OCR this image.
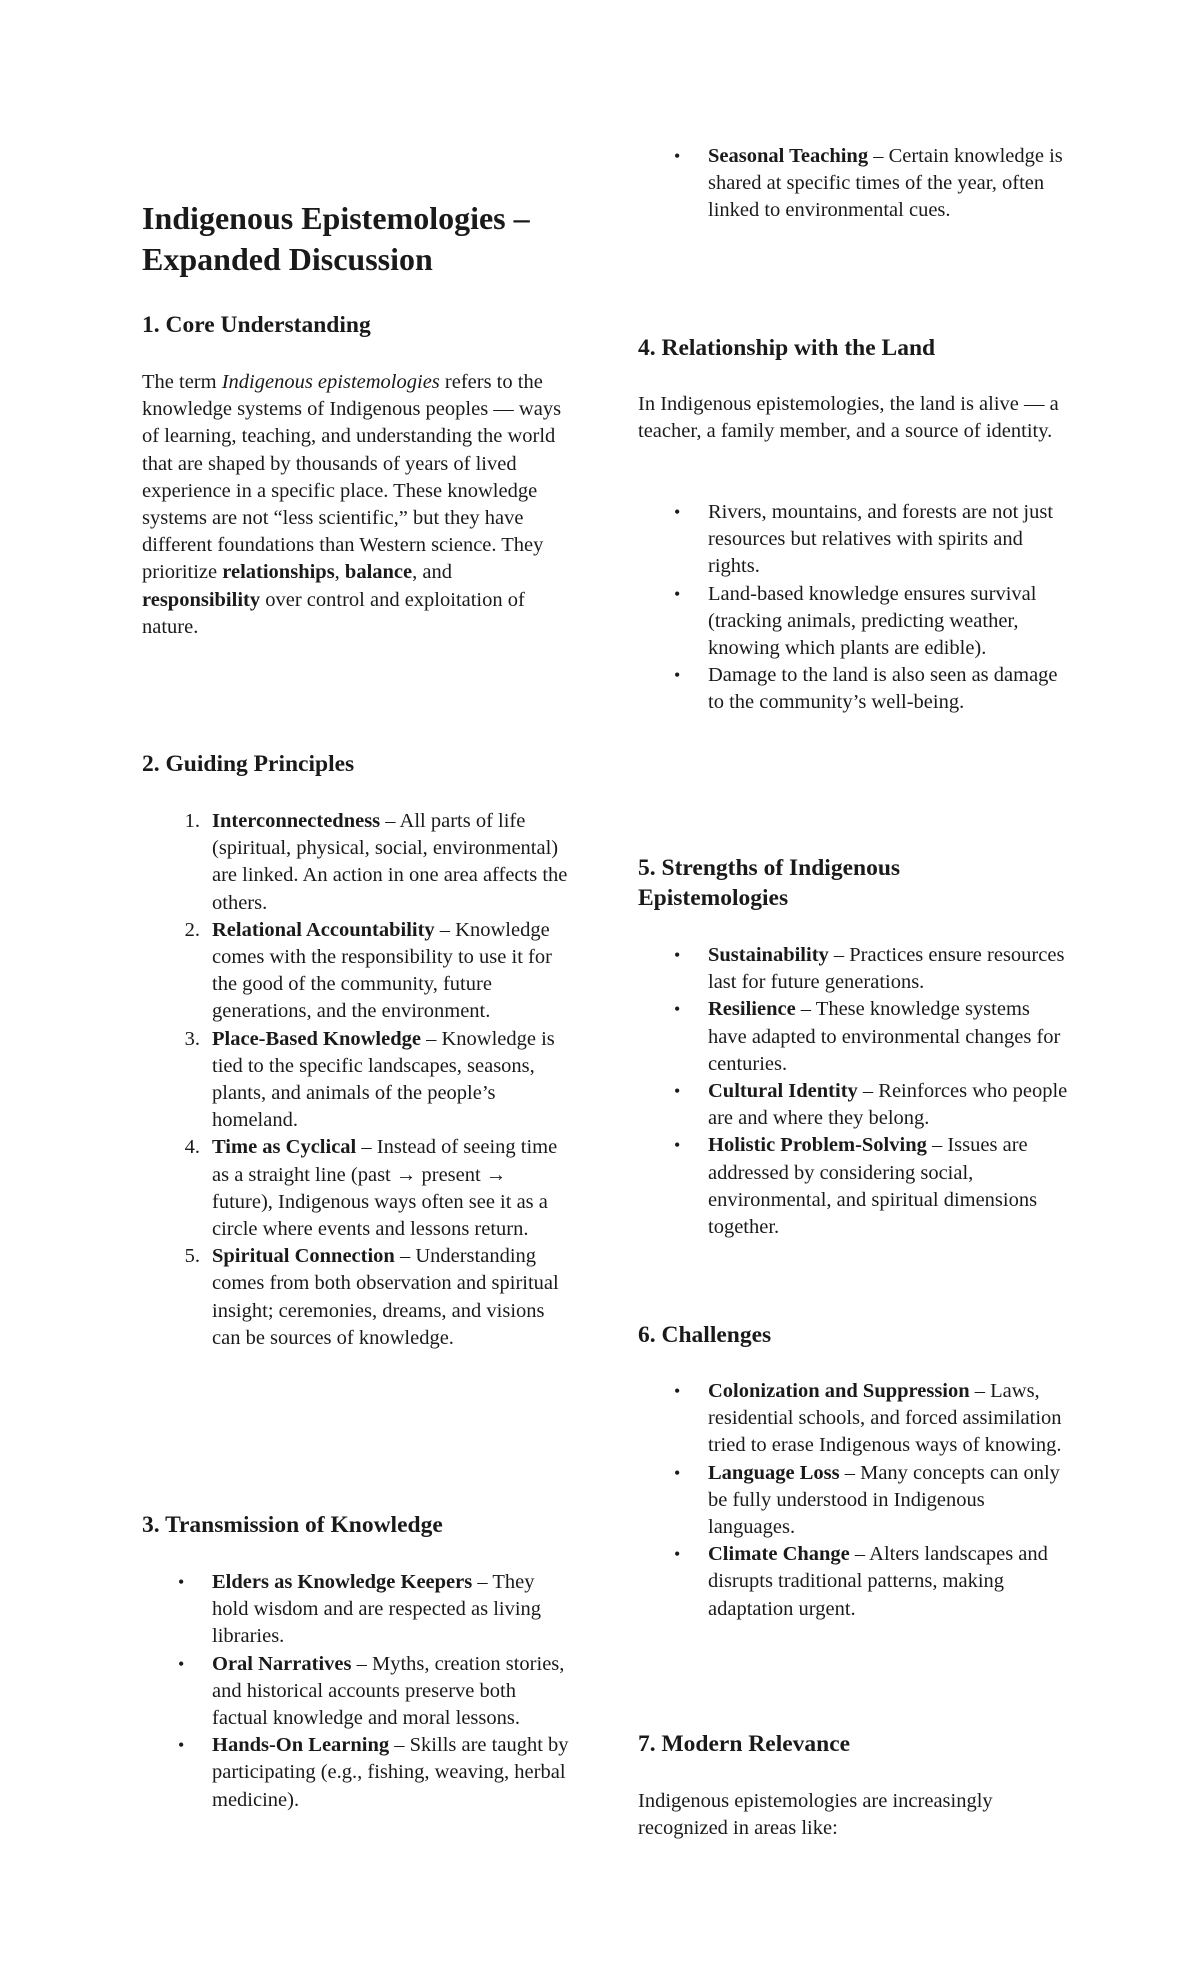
Indigenous Epistemologies – Expanded Discussion
1. Core Understanding

The term Indigenous epistemologies refers to the knowledge systems of Indigenous peoples — ways of learning, teaching, and understanding the world that are shaped by thousands of years of lived experience in a specific place. These knowledge systems are not “less scientific,” but they have different foundations than Western science. They prioritize relationships, balance, and responsibility over control and exploitation of nature.

2. Guiding Principles
1. Interconnectedness – All parts of life (spiritual, physical, social, environmental) are linked. An action in one area affects the others.
2. Relational Accountability – Knowledge comes with the responsibility to use it for the good of the community, future generations, and the environment.
3. Place-Based Knowledge – Knowledge is tied to the specific landscapes, seasons, plants, and animals of the people’s homeland.
4. Time as Cyclical – Instead of seeing time as a straight line (past → present → future), Indigenous ways often see it as a circle where events and lessons return.
5. Spiritual Connection – Understanding comes from both observation and spiritual insight; ceremonies, dreams, and visions can be sources of knowledge.
3. Transmission of Knowledge
• Elders as Knowledge Keepers – They hold wisdom and are respected as living libraries.
• Oral Narratives – Myths, creation stories, and historical accounts preserve both factual knowledge and moral lessons.
• Hands-On Learning – Skills are taught by participating (e.g., fishing, weaving, herbal medicine).
• Seasonal Teaching – Certain knowledge is shared at specific times of the year, often linked to environmental cues.
4. Relationship with the Land

In Indigenous epistemologies, the land is alive — a teacher, a family member, and a source of identity.

• Rivers, mountains, and forests are not just resources but relatives with spirits and rights.
• Land-based knowledge ensures survival (tracking animals, predicting weather, knowing which plants are edible).
• Damage to the land is also seen as damage to the community’s well-being.
5. Strengths of Indigenous Epistemologies
• Sustainability – Practices ensure resources last for future generations.
• Resilience – These knowledge systems have adapted to environmental changes for centuries.
• Cultural Identity – Reinforces who people are and where they belong.
• Holistic Problem-Solving – Issues are addressed by considering social, environmental, and spiritual dimensions together.
6. Challenges
• Colonization and Suppression – Laws, residential schools, and forced assimilation tried to erase Indigenous ways of knowing.
• Language Loss – Many concepts can only be fully understood in Indigenous languages.
• Climate Change – Alters landscapes and disrupts traditional patterns, making adaptation urgent.
7. Modern Relevance

Indigenous epistemologies are increasingly recognized in areas like:
